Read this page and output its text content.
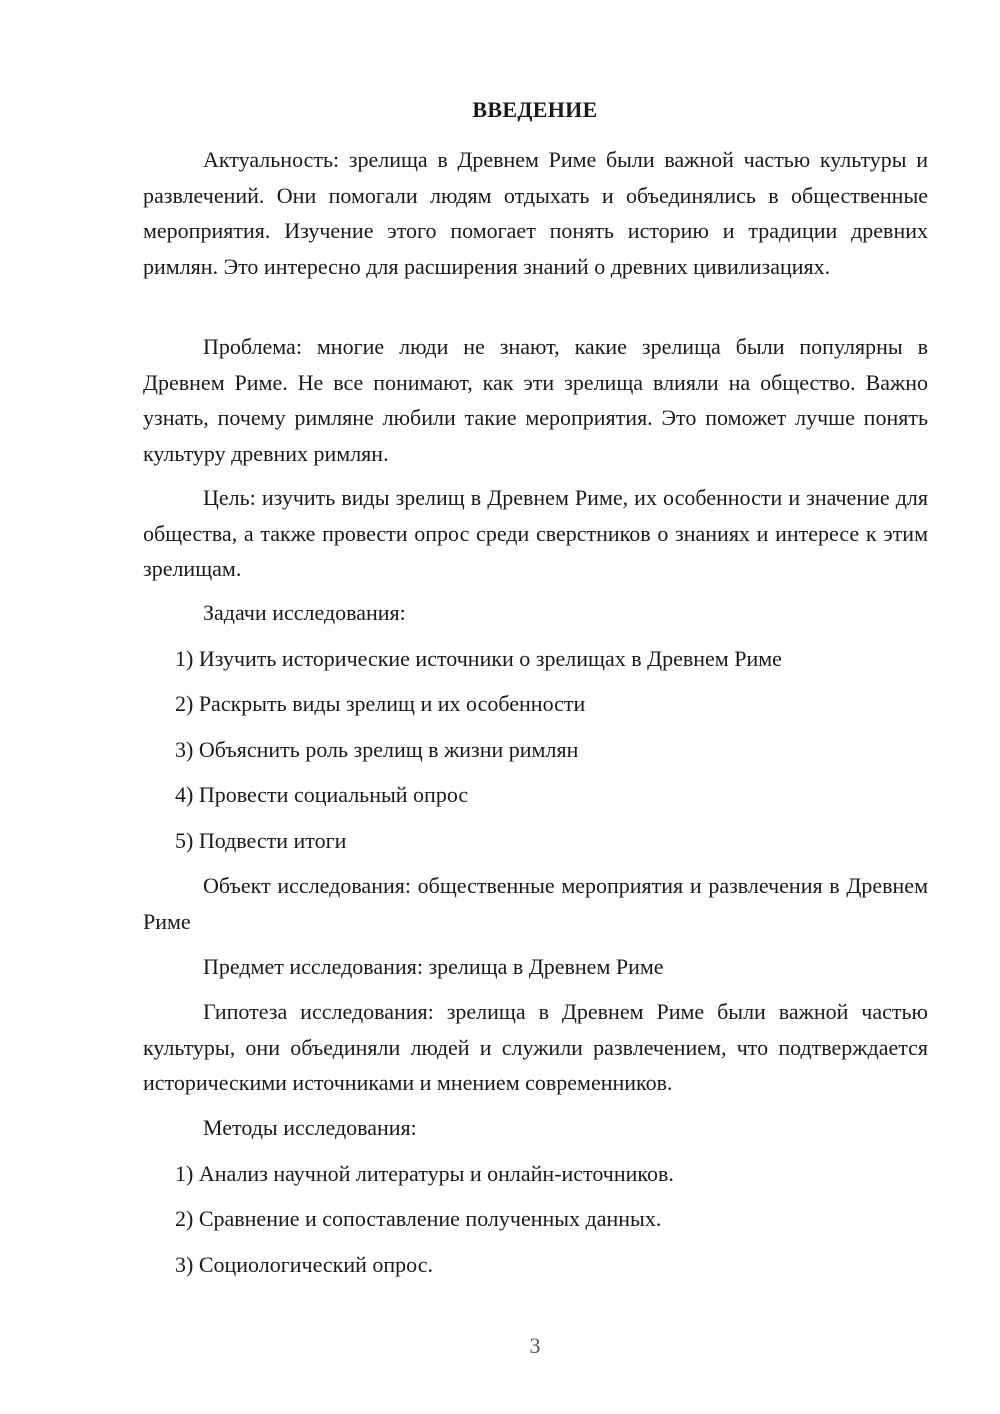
ВВЕДЕНИЕ

Актуальность: зрелища в Древнем Риме были важной частью культуры и развлечений. Они помогали людям отдыхать и объединялись в общественные мероприятия. Изучение этого помогает понять историю и традиции древних римлян. Это интересно для расширения знаний о древних цивилизациях.

Проблема: многие люди не знают, какие зрелища были популярны в Древнем Риме. Не все понимают, как эти зрелища влияли на общество. Важно узнать, почему римляне любили такие мероприятия. Это поможет лучше понять культуру древних римлян.

Цель: изучить виды зрелищ в Древнем Риме, их особенности и значение для общества, а также провести опрос среди сверстников о знаниях и интересе к этим зрелищам.

Задачи исследования:

1) Изучить исторические источники о зрелищах в Древнем Риме

2) Раскрыть виды зрелищ и их особенности

3) Объяснить роль зрелищ в жизни римлян

4) Провести социальный опрос

5) Подвести итоги

Объект исследования: общественные мероприятия и развлечения в Древнем Риме

Предмет исследования: зрелища в Древнем Риме

Гипотеза исследования: зрелища в Древнем Риме были важной частью культуры, они объединяли людей и служили развлечением, что подтверждается историческими источниками и мнением современников.

Методы исследования:

1) Анализ научной литературы и онлайн-источников.

2) Сравнение и сопоставление полученных данных.

3) Социологический опрос.

3
